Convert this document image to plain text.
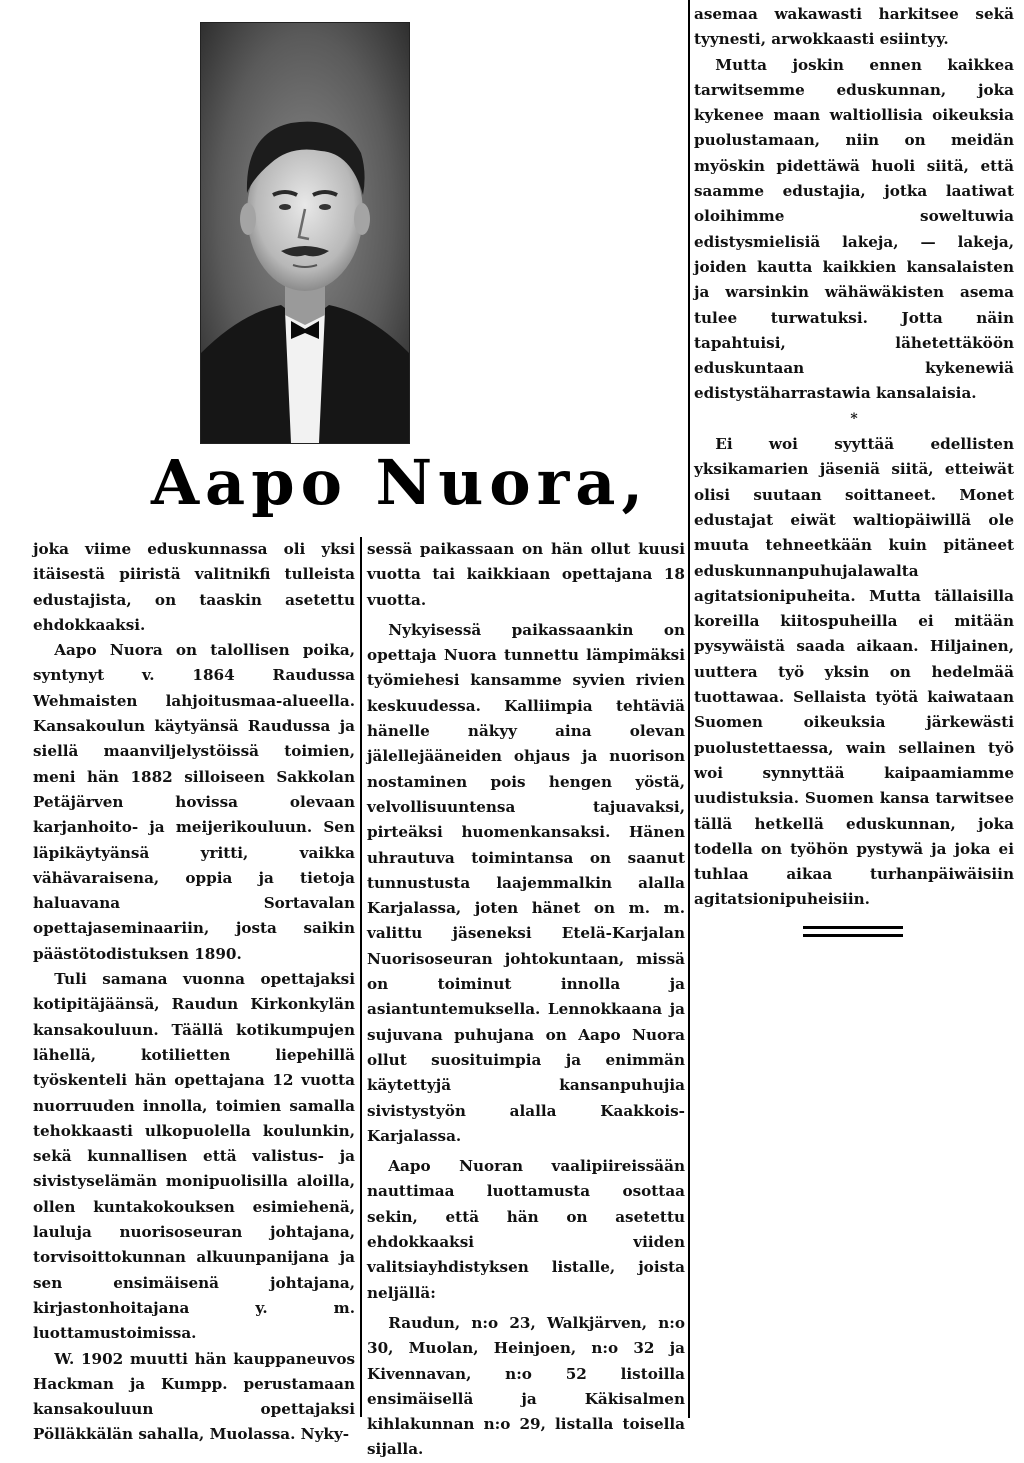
Aapo Nuora,

joka viime eduskunnassa oli yksi itäisestä piiristä valitnikfi tulleista edustajista, on taaskin asetettu ehdokkaaksi.

Aapo Nuora on talollisen poika, syntynyt v. 1864 Raudussa Wehmaisten lahjoitusmaa-alueella. Kansakoulun käytyänsä Raudussa ja siellä maanviljelystöissä toimien, meni hän 1882 silloiseen Sakkolan Petäjärven hovissa olevaan karjanhoito- ja meijerikouluun. Sen läpikäytyänsä yritti, vaikka vähävaraisena, oppia ja tietoja haluavana Sortavalan opettajaseminaariin, josta saikin päästötodistuksen 1890.

Tuli samana vuonna opettajaksi kotipitäjäänsä, Raudun Kirkonkylän kansakouluun. Täällä kotikumpujen lähellä, kotilietten liepehillä työskenteli hän opettajana 12 vuotta nuorruuden innolla, toimien samalla tehokkaasti ulkopuolella koulunkin, sekä kunnallisen että valistus- ja sivistyselämän monipuolisilla aloilla, ollen kuntakokouksen esimiehenä, lauluja nuorisoseuran johtajana, torvisoittokunnan alkuunpanijana ja sen ensimäisenä johtajana, kirjastonhoitajana y. m. luottamustoimissa.

W. 1902 muutti hän kauppaneuvos Hackman ja Kumpp. perustamaan kansakouluun opettajaksi Pölläkkälän sahalla, Muolassa. Nyky-

sessä paikassaan on hän ollut kuusi vuotta tai kaikkiaan opettajana 18 vuotta.

Nykyisessä paikassaankin on opettaja Nuora tunnettu lämpimäksi työmiehesi kansamme syvien rivien keskuudessa. Kalliimpia tehtäviä hänelle näkyy aina olevan jälellejääneiden ohjaus ja nuorison nostaminen pois hengen yöstä, velvollisuuntensa tajuavaksi, pirteäksi huomenkansaksi. Hänen uhrautuva toimintansa on saanut tunnustusta laajemmalkin alalla Karjalassa, joten hänet on m. m. valittu jäseneksi Etelä-Karjalan Nuorisoseuran johtokuntaan, missä on toiminut innolla ja asiantuntemuksella. Lennokkaana ja sujuvana puhujana on Aapo Nuora ollut suosituimpia ja enimmän käytettyjä kansanpuhujia sivistystyön alalla Kaakkois-Karjalassa.

Aapo Nuoran vaalipiireissään nauttimaa luottamusta osottaa sekin, että hän on asetettu ehdokkaaksi viiden valitsiayhdistyksen listalle, joista neljällä:

Raudun, n:o 23, Walkjärven, n:o 30, Muolan, Heinjoen, n:o 32 ja Kivennavan, n:o 52 listoilla ensimäisellä ja Käkisalmen kihlakunnan n:o 29, listalla toisella sijalla.

asemaa wakawasti harkitsee sekä tyynesti, arwokkaasti esiintyy.

Mutta joskin ennen kaikkea tarwitsemme eduskunnan, joka kykenee maan waltiollisia oikeuksia puolustamaan, niin on meidän myöskin pidettäwä huoli siitä, että saamme edustajia, jotka laatiwat oloihimme soweltuwia edistysmielisiä lakeja, — lakeja, joiden kautta kaikkien kansalaisten ja warsinkin wähäwäkisten asema tulee turwatuksi. Jotta näin tapahtuisi, lähetettäköön eduskuntaan kykenewiä edistystäharrastawia kansalaisia.

*

Ei woi syyttää edellisten yksikamarien jäseniä siitä, etteiwät olisi suutaan soittaneet. Monet edustajat eiwät waltiopäiwillä ole muuta tehneetkään kuin pitäneet eduskunnanpuhujalawalta agitatsionipuheita. Mutta tällaisilla koreilla kiitospuheilla ei mitään pysywäistä saada aikaan. Hiljainen, uuttera työ yksin on hedelmää tuottawaa. Sellaista työtä kaiwataan Suomen oikeuksia järkewästi puolustettaessa, wain sellainen työ woi synnyttää kaipaamiamme uudistuksia. Suomen kansa tarwitsee tällä hetkellä eduskunnan, joka todella on työhön pystywä ja joka ei tuhlaa aikaa turhanpäiwäisiin agitatsionipuheisiin.
